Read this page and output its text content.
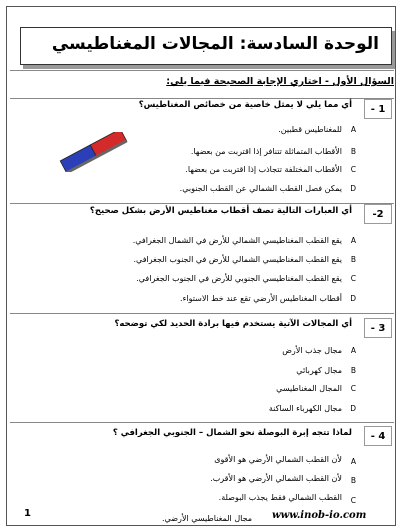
الوحدة السادسة: المجالات المغناطيسي
السؤال الأول - اختاري الإجابة الصحيحة فيما يلي:
- 1
أي مما يلي لا يمثل خاصية من خصائص المغناطيس؟
A
للمغناطيس قطبين.
B
الأقطاب المتماثلة تتنافر إذا اقتربت من بعضها.
C
الأقطاب المختلفة تتجاذب إذا اقتربت من بعضها.
D
يمكن فصل القطب الشمالي عن القطب الجنوبي.
-2
أي العبارات التالية تصف أقطاب مغناطيس الأرض بشكل صحيح؟
A
يقع القطب المغناطيسي الشمالي للأرض في الشمال الجغرافي.
B
يقع القطب المغناطيسي الشمالي للأرض في الجنوب الجغرافي.
C
يقع القطب المغناطيسي الجنوبي للأرض في الجنوب الجغرافي.
D
أقطاب المغناطيس الأرضي تقع عند خط الاستواء.
- 3
أي المجالات الآتية يستخدم فيها برادة الحديد لكي توضحه؟
A
مجال جذب الأرض
B
مجال كهربائي
C
المجال المغناطيسي
D
مجال الكهرباء الساكنة
- 4
لماذا تتجه إبرة البوصلة نحو الشمال – الجنوبي الجغرافي ؟
A
لأن القطب الشمالي الأرضي هو الأقوى
B
لأن القطب الشمالي الأرضي هو الأقرب.
C
القطب الشمالي فقط يجذب البوصلة.
1	مجال المغناطيسي الأرضي. www.inob-io.com
